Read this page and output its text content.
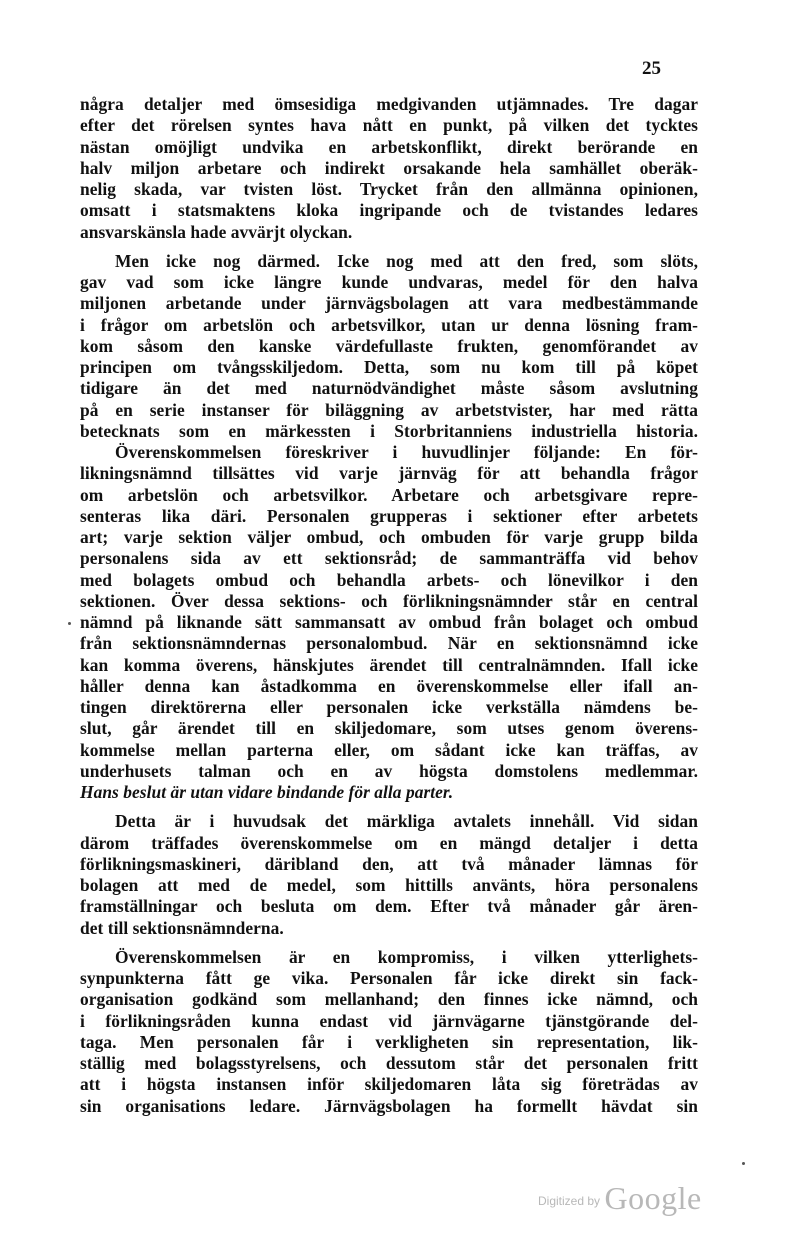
25
några detaljer med ömsesidiga medgivanden utjämnades. Tre dagar
efter det rörelsen syntes hava nått en punkt, på vilken det tycktes
nästan omöjligt undvika en arbetskonflikt, direkt berörande en
halv miljon arbetare och indirekt orsakande hela samhället oberäk-
nelig skada, var tvisten löst. Trycket från den allmänna opinionen,
omsatt i statsmaktens kloka ingripande och de tvistandes ledares
ansvarskänsla hade avvärjt olyckan.
Men icke nog därmed. Icke nog med att den fred, som slöts,
gav vad som icke längre kunde undvaras, medel för den halva
miljonen arbetande under järnvägsbolagen att vara medbestämmande
i frågor om arbetslön och arbetsvilkor, utan ur denna lösning fram-
kom såsom den kanske värdefullaste frukten, genomförandet av
principen om tvångsskiljedom. Detta, som nu kom till på köpet
tidigare än det med naturnödvändighet måste såsom avslutning
på en serie instanser för biläggning av arbetstvister, har med rätta
betecknats som en märkessten i Storbritanniens industriella historia.
Överenskommelsen föreskriver i huvudlinjer följande: En för-
likningsnämnd tillsättes vid varje järnväg för att behandla frågor
om arbetslön och arbetsvilkor. Arbetare och arbetsgivare repre-
senteras lika däri. Personalen grupperas i sektioner efter arbetets
art; varje sektion väljer ombud, och ombuden för varje grupp bilda
personalens sida av ett sektionsråd; de sammanträffa vid behov
med bolagets ombud och behandla arbets- och lönevilkor i den
sektionen. Över dessa sektions- och förlikningsnämnder står en central
nämnd på liknande sätt sammansatt av ombud från bolaget och ombud
från sektionsnämndernas personalombud. När en sektionsnämnd icke
kan komma överens, hänskjutes ärendet till centralnämnden. Ifall icke
håller denna kan åstadkomma en överenskommelse eller ifall an-
tingen direktörerna eller personalen icke verkställa nämdens be-
slut, går ärendet till en skiljedomare, som utses genom överens-
kommelse mellan parterna eller, om sådant icke kan träffas, av
underhusets talman och en av högsta domstolens medlemmar.
Hans beslut är utan vidare bindande för alla parter.
Detta är i huvudsak det märkliga avtalets innehåll. Vid sidan
därom träffades överenskommelse om en mängd detaljer i detta
förlikningsmaskineri, däribland den, att två månader lämnas för
bolagen att med de medel, som hittills använts, höra personalens
framställningar och besluta om dem. Efter två månader går ären-
det till sektionsnämnderna.
Överenskommelsen är en kompromiss, i vilken ytterlighets-
synpunkterna fått ge vika. Personalen får icke direkt sin fack-
organisation godkänd som mellanhand; den finnes icke nämnd, och
i förlikningsråden kunna endast vid järnvägarne tjänstgörande del-
taga. Men personalen får i verkligheten sin representation, lik-
ställig med bolagsstyrelsens, och dessutom står det personalen fritt
att i högsta instansen inför skiljedomaren låta sig företrädas av
sin organisations ledare. Järnvägsbolagen ha formellt hävdat sin
$^{Digitized by}$ Google
